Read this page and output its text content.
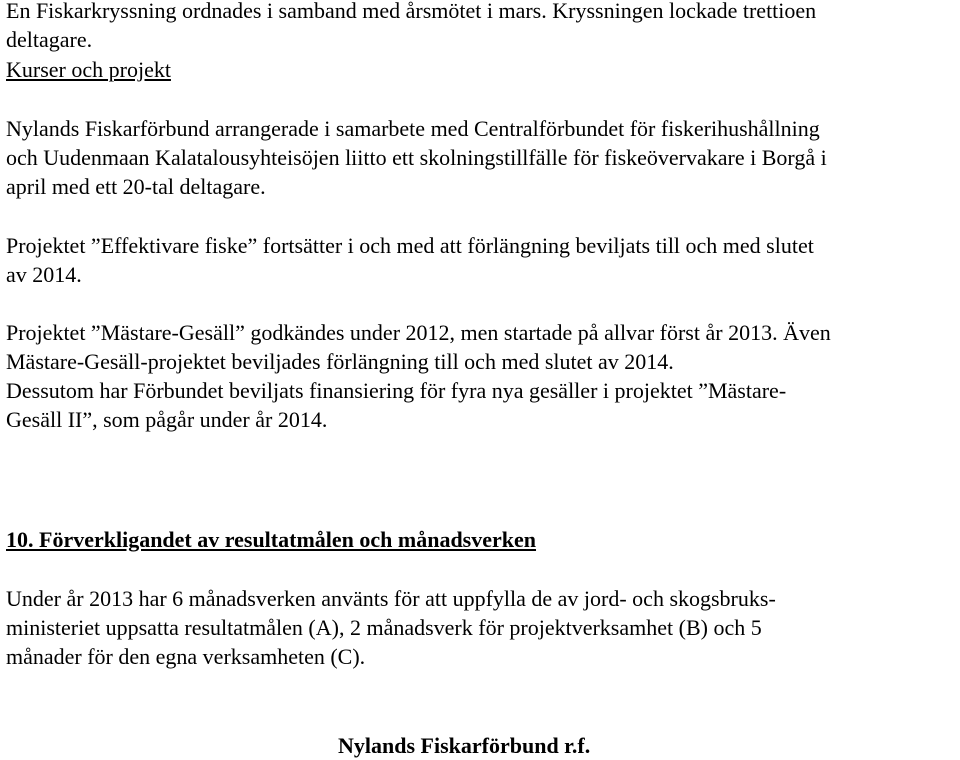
En Fiskarkryssning ordnades i samband med årsmötet i mars. Kryssningen lockade trettioen
deltagare.

Kurser och projekt

Nylands Fiskarförbund arrangerade i samarbete med Centralförbundet för fiskerihushållning
och Uudenmaan Kalatalousyhteisöjen liitto ett skolningstillfälle för fiskeövervakare i Borgå i
april med ett 20-tal deltagare.

Projektet ”Effektivare fiske” fortsätter i och med att förlängning beviljats till och med slutet
av 2014.

Projektet ”Mästare-Gesäll” godkändes under 2012, men startade på allvar först år 2013. Även
Mästare-Gesäll-projektet beviljades förlängning till och med slutet av 2014.
Dessutom har Förbundet beviljats finansiering för fyra nya gesäller i projektet ”Mästare-
Gesäll II”, som pågår under år 2014.

10. Förverkligandet av resultatmålen och månadsverken

Under år 2013 har 6 månadsverken använts för att uppfylla de av jord- och skogsbruks-
ministeriet uppsatta resultatmålen (A), 2 månadsverk för projektverksamhet (B) och 5
månader för den egna verksamheten (C).

Nylands Fiskarförbund r.f.
